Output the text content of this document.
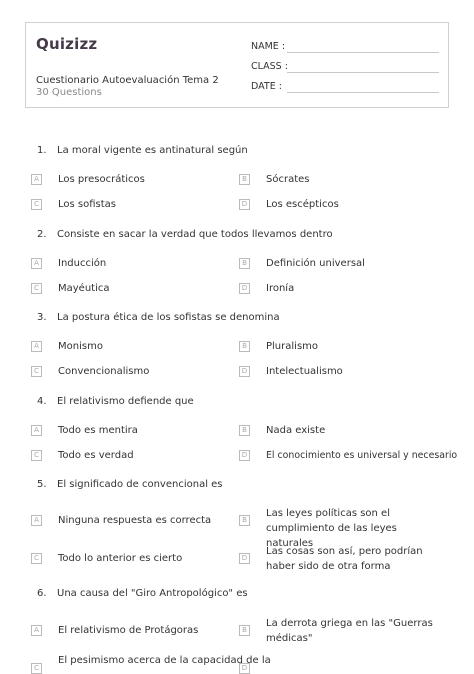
Quizizz
Cuestionario Autoevaluación Tema 2
30 Questions
NAME :
CLASS :
DATE :
1.	La moral vigente es antinatural según
A	Los presocráticos	B	Sócrates
C	Los sofistas	D Los escépticos
2.	Consiste en sacar la verdad que todos llevamos dentro
A	Inducción	B	Definición universal
C	Mayéutica	D Ironía
3.	La postura ética de los sofistas se denomina
A	Monismo	B	Pluralismo
C	Convencionalismo	D Intelectualismo
4.	El relativismo defiende que
A	Todo es mentira	B	Nada existe
C	Todo es verdad	D El conocimiento es universal y necesario
5.	El significado de convencional es
A	Ninguna respuesta es correcta	B
Las leyes políticas son el cumplimiento de las leyes naturales
C	Todo lo anterior es cierto	D
Las cosas son así, pero podrían haber sido de otra forma
6.	Una causa del "Giro Antropológico" es
A	El relativismo de Protágoras	B
La derrota griega en las "Guerras médicas"
C
El pesimismo acerca de la capacidad de la
D
